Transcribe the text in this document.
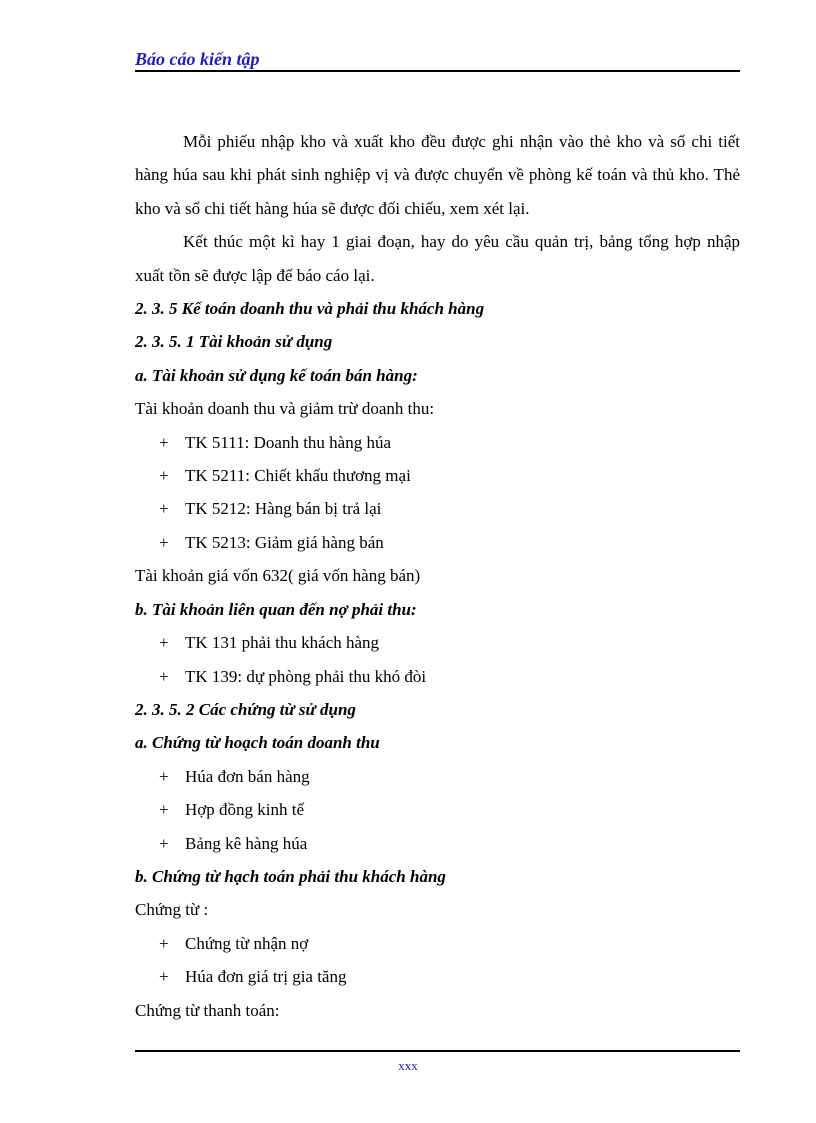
Báo cáo kiến tập

Mỗi phiếu nhập kho và xuất kho đều được ghi nhận vào thẻ kho và sổ chi tiết hàng húa sau khi phát sinh nghiệp vị và được chuyển về phòng kế toán và thủ kho. Thẻ kho và sổ chi tiết hàng húa sẽ được đối chiếu, xem xét lại.

Kết thúc một kì hay 1 giai đoạn, hay do yêu cầu quản trị, bảng tổng hợp nhập xuất tồn sẽ được lập để báo cáo lại.

2. 3. 5 Kế toán doanh thu và phải thu khách hàng

2. 3. 5. 1 Tài khoản sử dụng

a. Tài khoản sử dụng kế toán bán hàng:

Tài khoản doanh thu và giảm trừ doanh thu:

+ TK 5111: Doanh thu hàng húa

+ TK 5211: Chiết khấu thương mại

+ TK 5212: Hàng bán bị trả lại

+ TK 5213: Giảm giá hàng bán

Tài khoản giá vốn 632( giá vốn hàng bán)

b. Tài khoản liên quan đến nợ phải thu:

+ TK 131 phải thu khách hàng

+ TK 139: dự phòng phải thu khó đòi

2. 3. 5. 2 Các chứng từ sử dụng

a. Chứng từ hoạch toán doanh thu

+ Húa đơn bán hàng

+ Hợp đồng kinh tế

+ Bảng kê hàng húa

b. Chứng từ hạch toán phải thu khách hàng

Chứng từ :

+ Chứng từ nhận nợ

+ Húa đơn giá trị gia tăng

Chứng từ thanh toán:

xxx
